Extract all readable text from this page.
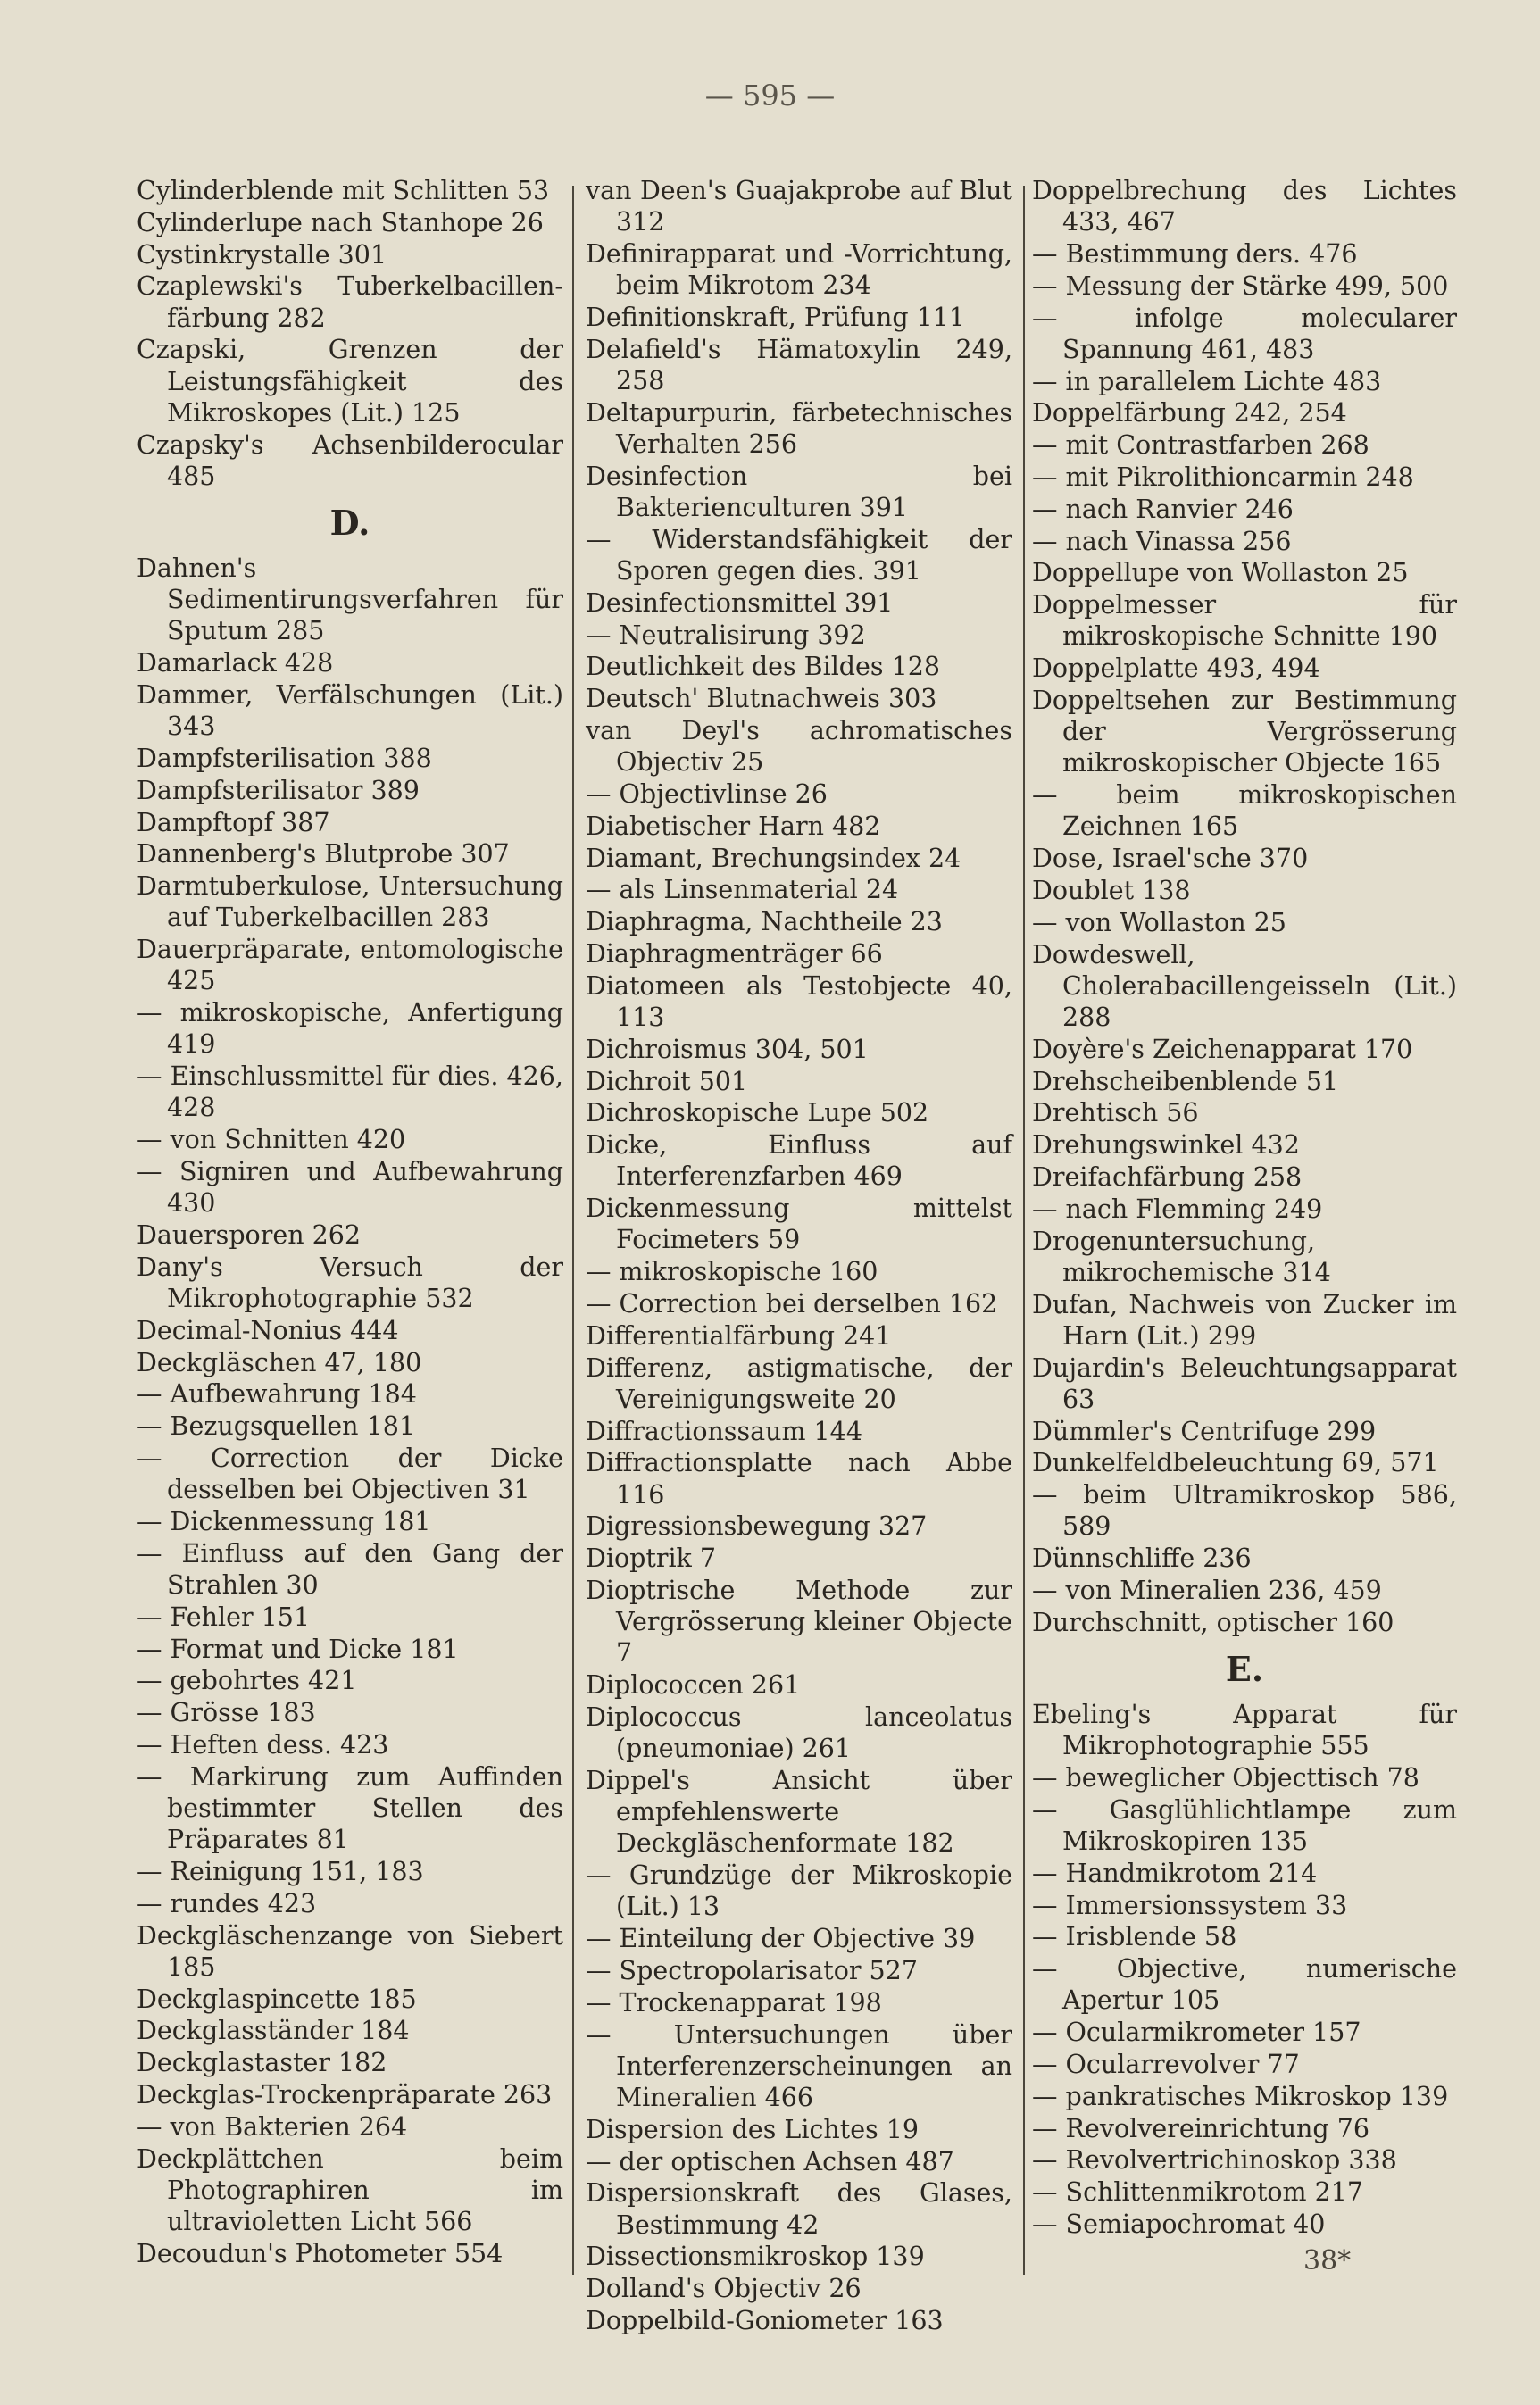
— 595 —
Cylinderblende mit Schlitten 53
Cylinderlupe nach Stanhope 26
Cystinkrystalle 301
Czaplewski's Tuberkelbacillen-färbung 282
Czapski, Grenzen der Leistungsfähigkeit des Mikroskopes (Lit.) 125
Czapsky's Achsenbilderocular 485
D.
Dahnen's Sedimentirungsverfahren für Sputum 285
Damarlack 428
Dammer, Verfälschungen (Lit.) 343
Dampfsterilisation 388
Dampfsterilisator 389
Dampftopf 387
Dannenberg's Blutprobe 307
Darmtuberkulose, Untersuchung auf Tuberkelbacillen 283
Dauerpräparate, entomologische 425
— mikroskopische, Anfertigung 419
— Einschlussmittel für dies. 426, 428
— von Schnitten 420
— Signiren und Aufbewahrung 430
Dauersporen 262
Dany's Versuch der Mikrophotographie 532
Decimal-Nonius 444
Deckgläschen 47, 180
— Aufbewahrung 184
— Bezugsquellen 181
— Correction der Dicke desselben bei Objectiven 31
— Dickenmessung 181
— Einfluss auf den Gang der Strahlen 30
— Fehler 151
— Format und Dicke 181
— gebohrtes 421
— Grösse 183
— Heften dess. 423
— Markirung zum Auffinden bestimmter Stellen des Präparates 81
— Reinigung 151, 183
— rundes 423
Deckgläschenzange von Siebert 185
Deckglaspincette 185
Deckglasständer 184
Deckglastaster 182
Deckglas-Trockenpräparate 263
— von Bakterien 264
Deckplättchen beim Photographiren im ultravioletten Licht 566
Decoudun's Photometer 554
van Deen's Guajakprobe auf Blut 312
Definirapparat und -Vorrichtung, beim Mikrotom 234
Definitionskraft, Prüfung 111
Delafield's Hämatoxylin 249, 258
Deltapurpurin, färbetechnisches Verhalten 256
Desinfection bei Bakterienculturen 391
— Widerstandsfähigkeit der Sporen gegen dies. 391
Desinfectionsmittel 391
— Neutralisirung 392
Deutlichkeit des Bildes 128
Deutsch' Blutnachweis 303
van Deyl's achromatisches Objectiv 25
— Objectivlinse 26
Diabetischer Harn 482
Diamant, Brechungsindex 24
— als Linsenmaterial 24
Diaphragma, Nachtheile 23
Diaphragmenträger 66
Diatomeen als Testobjecte 40, 113
Dichroismus 304, 501
Dichroit 501
Dichroskopische Lupe 502
Dicke, Einfluss auf Interferenzfarben 469
Dickenmessung mittelst Focimeters 59
— mikroskopische 160
— Correction bei derselben 162
Differentialfärbung 241
Differenz, astigmatische, der Vereinigungsweite 20
Diffractionssaum 144
Diffractionsplatte nach Abbe 116
Digressionsbewegung 327
Dioptrik 7
Dioptrische Methode zur Vergrösserung kleiner Objecte 7
Diplococcen 261
Diplococcus lanceolatus (pneumoniae) 261
Dippel's Ansicht über empfehlenswerte Deckgläschenformate 182
— Grundzüge der Mikroskopie (Lit.) 13
— Einteilung der Objective 39
— Spectropolarisator 527
— Trockenapparat 198
— Untersuchungen über Interferenzerscheinungen an Mineralien 466
Dispersion des Lichtes 19
— der optischen Achsen 487
Dispersionskraft des Glases, Bestimmung 42
Dissectionsmikroskop 139
Dolland's Objectiv 26
Doppelbild-Goniometer 163
Doppelbrechung des Lichtes 433, 467
— Bestimmung ders. 476
— Messung der Stärke 499, 500
— infolge molecularer Spannung 461, 483
— in parallelem Lichte 483
Doppelfärbung 242, 254
— mit Contrastfarben 268
— mit Pikrolithioncarmin 248
— nach Ranvier 246
— nach Vinassa 256
Doppellupe von Wollaston 25
Doppelmesser für mikroskopische Schnitte 190
Doppelplatte 493, 494
Doppeltsehen zur Bestimmung der Vergrösserung mikroskopischer Objecte 165
— beim mikroskopischen Zeichnen 165
Dose, Israel'sche 370
Doublet 138
— von Wollaston 25
Dowdeswell, Cholerabacillengeisseln (Lit.) 288
Doyère's Zeichenapparat 170
Drehscheibenblende 51
Drehtisch 56
Drehungswinkel 432
Dreifachfärbung 258
— nach Flemming 249
Drogenuntersuchung, mikrochemische 314
Dufan, Nachweis von Zucker im Harn (Lit.) 299
Dujardin's Beleuchtungsapparat 63
Dümmler's Centrifuge 299
Dunkelfeldbeleuchtung 69, 571
— beim Ultramikroskop 586, 589
Dünnschliffe 236
— von Mineralien 236, 459
Durchschnitt, optischer 160
E.
Ebeling's Apparat für Mikrophotographie 555
— beweglicher Objecttisch 78
— Gasglühlichtlampe zum Mikroskopiren 135
— Handmikrotom 214
— Immersionssystem 33
— Irisblende 58
— Objective, numerische Apertur 105
— Ocularmikrometer 157
— Ocularrevolver 77
— pankratisches Mikroskop 139
— Revolvereinrichtung 76
— Revolvertrichinoskop 338
— Schlittenmikrotom 217
— Semiapochromat 40
38*
